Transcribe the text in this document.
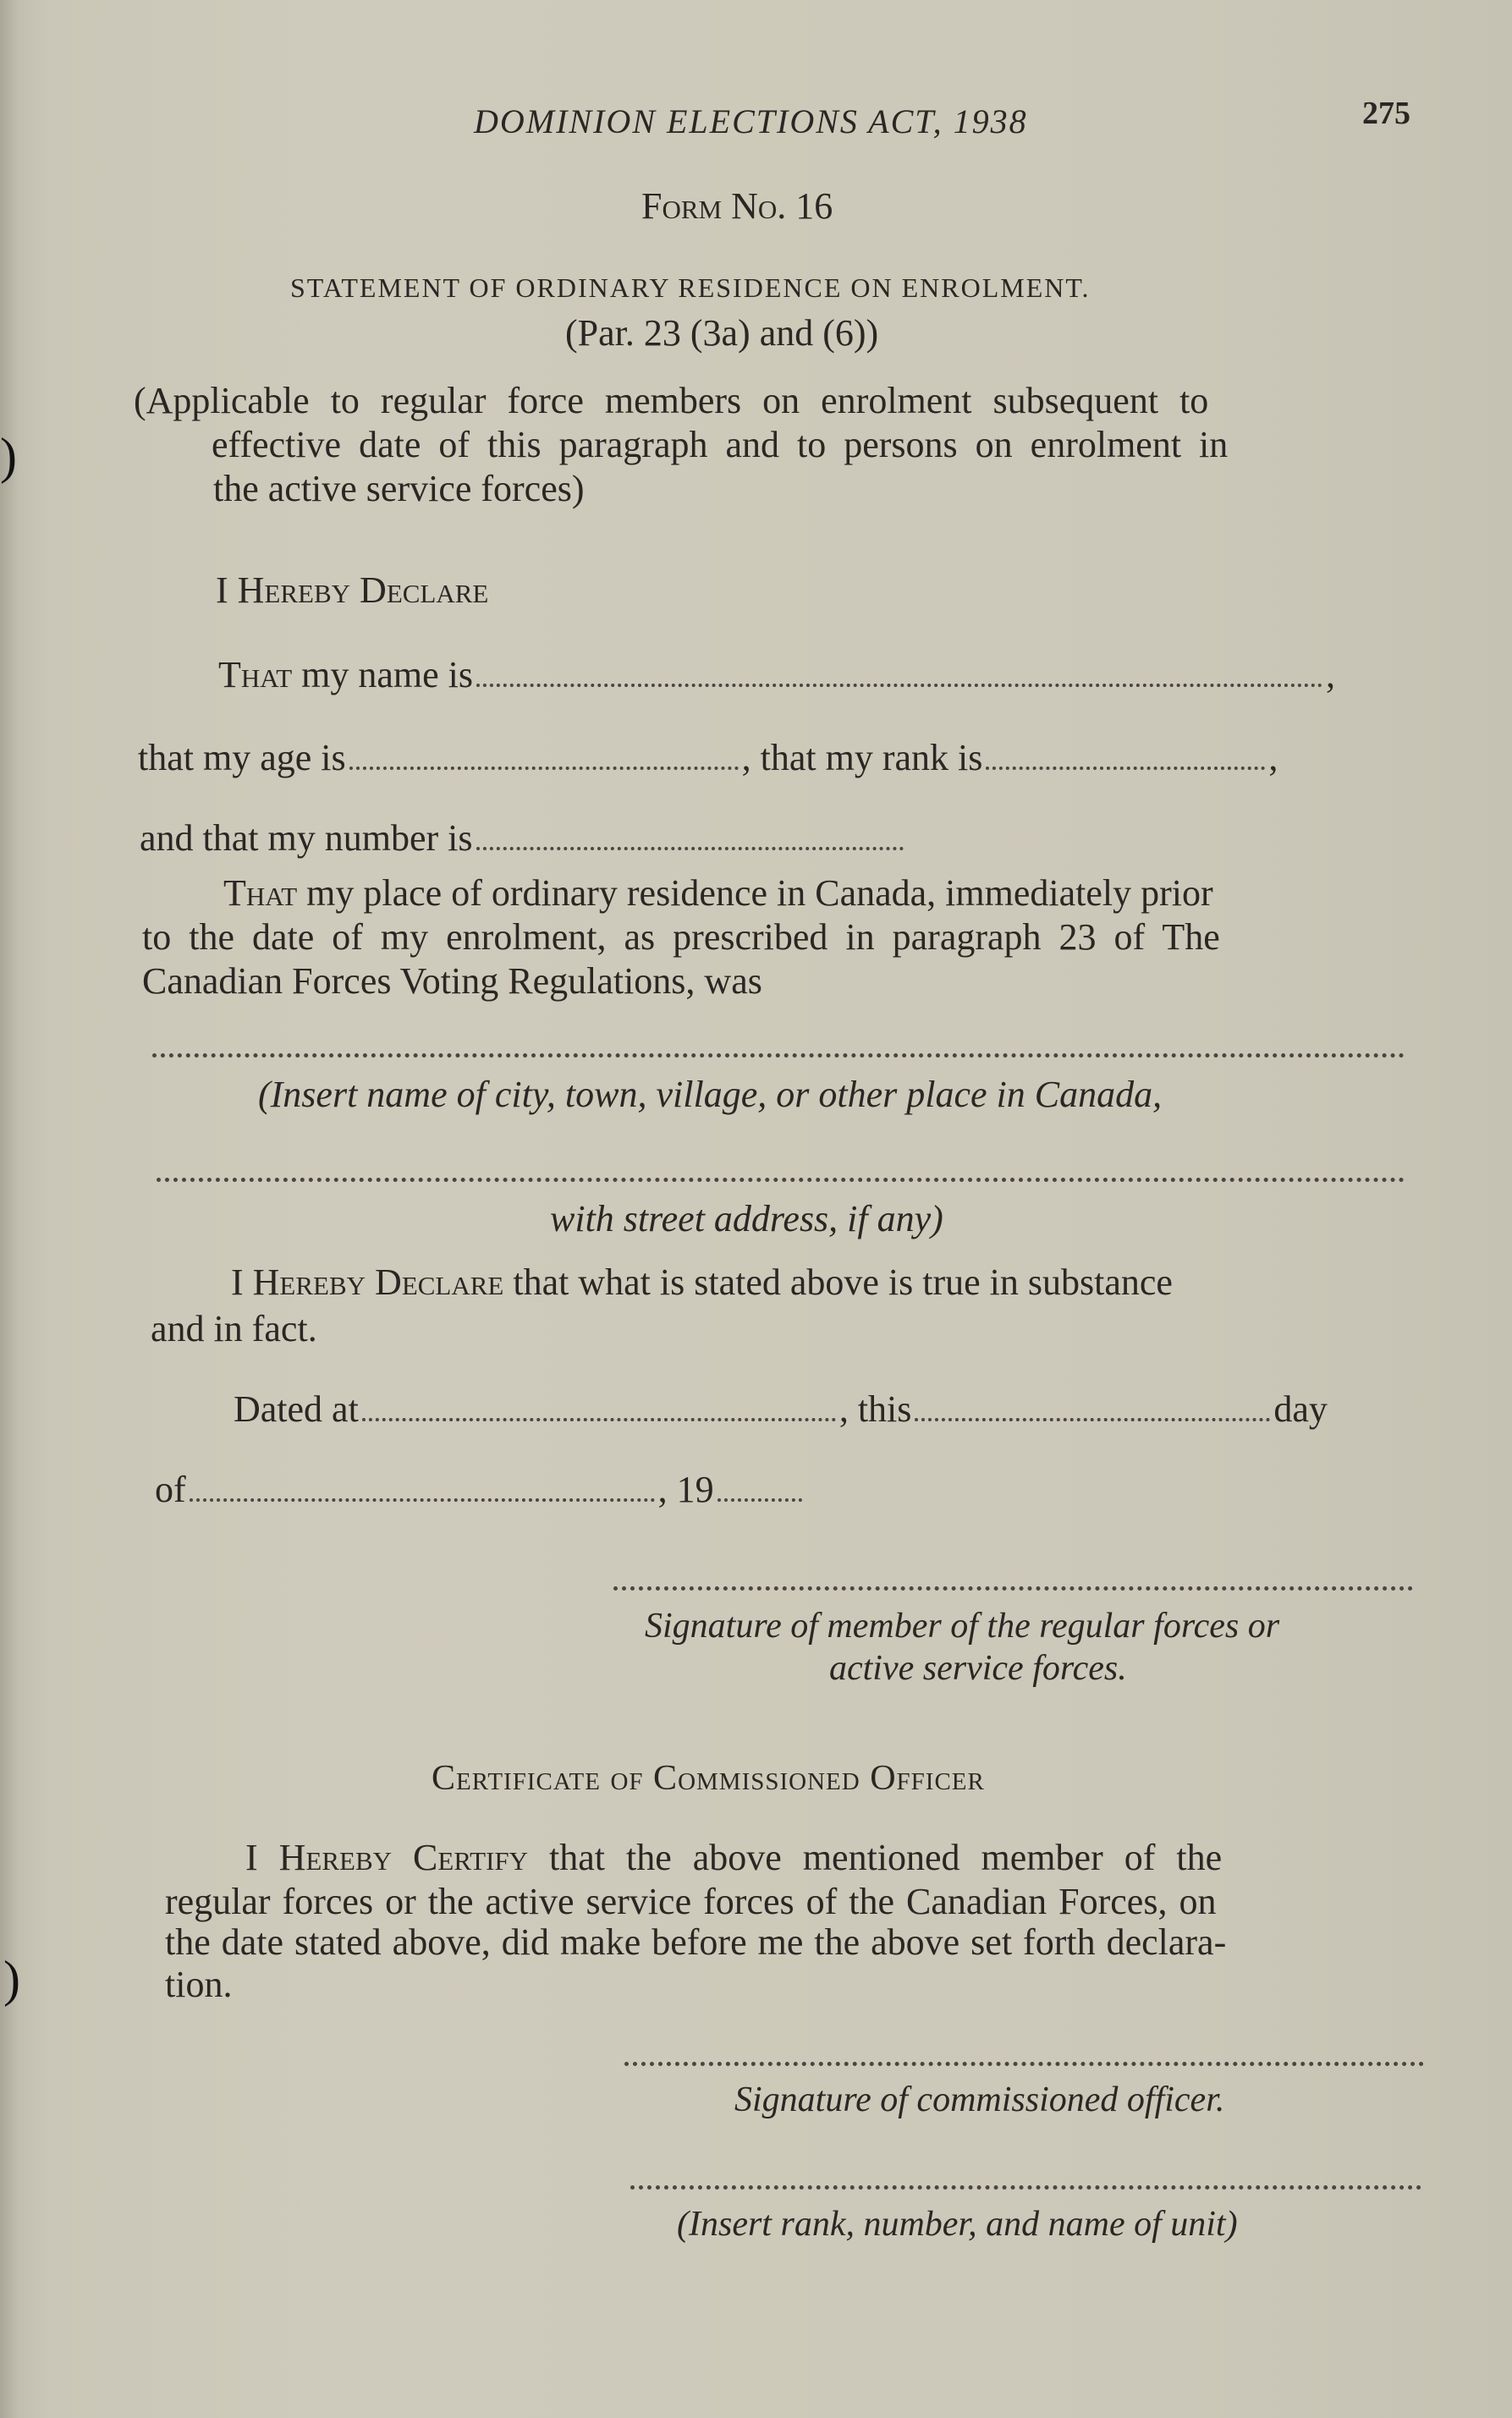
)
)
DOMINION ELECTIONS ACT, 1938	275
Form No. 16
STATEMENT OF ORDINARY RESIDENCE ON ENROLMENT.
(Par. 23 (3a) and (6))
(Applicable to regular force members on enrolment subsequent to
effective date of this paragraph and to persons on enrolment in
the active service forces)
I Hereby Declare
That my name is	,
that my age is	, that my rank is	,
and that my number is
That my place of ordinary residence in Canada, immediately prior
to the date of my enrolment, as prescribed in paragraph 23 of The
Canadian Forces Voting Regulations, was
(Insert name of city, town, village, or other place in Canada,
with street address, if any)
I Hereby Declare that what is stated above is true in substance
and in fact.
Dated at	, this	day
of	, 19
Signature of member of the regular forces or
active service forces.
Certificate of Commissioned Officer
I Hereby Certify that the above mentioned member of the
regular forces or the active service forces of the Canadian Forces, on
the date stated above, did make before me the above set forth declara-
tion.
Signature of commissioned officer.
(Insert rank, number, and name of unit)
